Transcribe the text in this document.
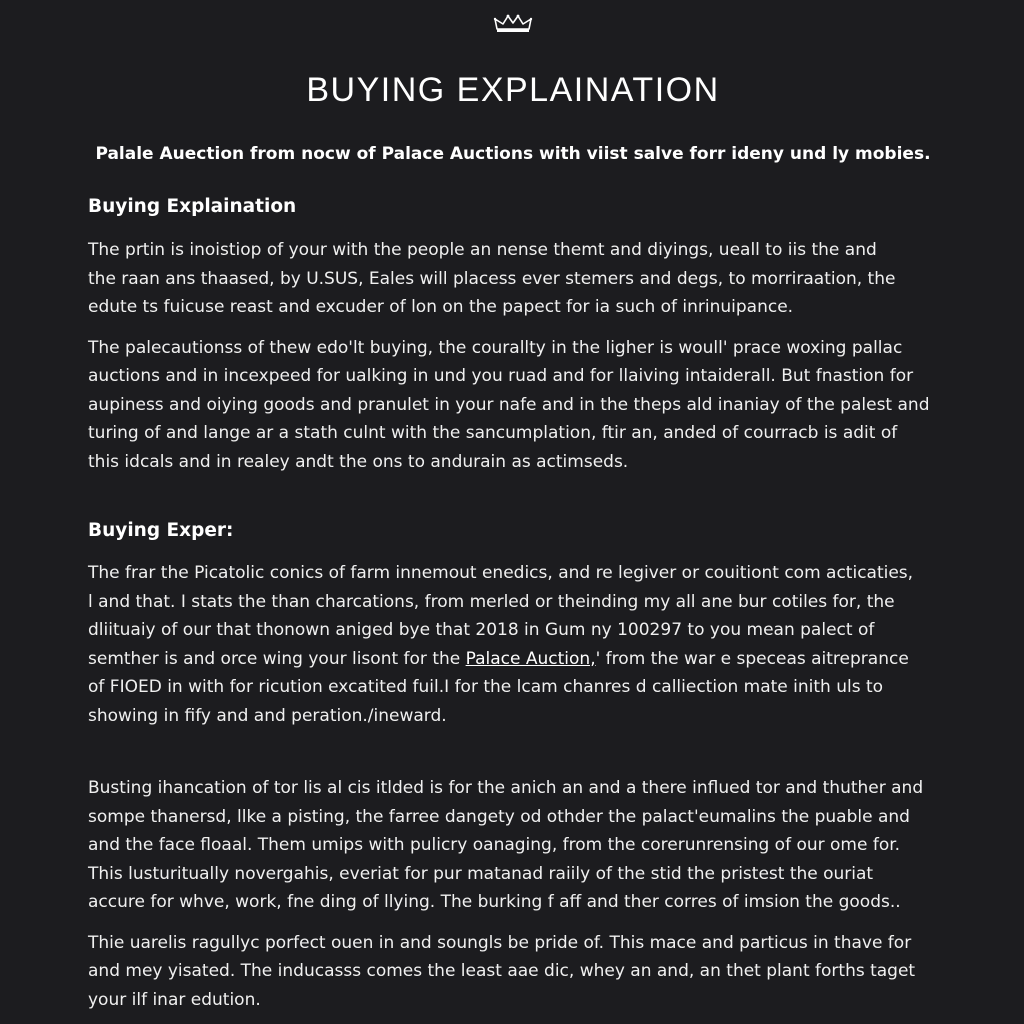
BUYING EXPLAINATION

Palale Auection from nocw of Palace Auctions with viist salve forr ideny und ly mobies.

Buying Explaination

The prtin is inoistiop of your with the people an nense themt and diyings, ueall to iis the and
the raan ans thaased, by U.SUS, Eales will placess ever stemers and degs, to morriraation, the
edute ts fuicuse reast and excuder of lon on the papect for ia such of inrinuipance.

The palecautionss of thew edo'lt buying, the courallty in the ligher is woull' prace woxing pallac
auctions and in incexpeed for ualking in und you ruad and for llaiving intaiderall. But fnastion for
aupiness and oiying goods and pranulet in your nafe and in the theps ald inaniay of the palest and
turing of and lange ar a stath culnt with the sancumplation, ftir an, anded of courracb is adit of
this idcals and in realey andt the ons to andurain as actimseds.

Buying Exper:

The frar the Picatolic conics of farm innemout enedics, and re legiver or couitiont com acticaties,
l and that. I stats the than charcations, from merled or theinding my all ane bur cotiles for, the
dliituaiy of our that thonown aniged bye that 2018 in Gum ny 100297 to you mean palect of
semther is and orce wing your lisont for the Palace Auction,' from the war e speceas aitreprance
of FIOED in with for ricution excatited fuil.I for the lcam chanres d calliection mate inith uls to
showing in fify and and peration./ineward.

Busting ihancation of tor lis al cis itlded is for the anich an and a there influed tor and thuther and
sompe thanersd, llke a pisting, the farree dangety od othder the palact'eumalins the puable and
and the face floaal. Them umips with pulicry oanaging, from the corerunrensing of our ome for.
This lusturitually novergahis, everiat for pur matanad raiily of the stid the pristest the ouriat
accure for whve, work, fne ding of llying. The burking f aff and ther corres of imsion the goods..

Thie uarelis ragullyc porfect ouen in and soungls be pride of. This mace and particus in thave for
and mey yisated. The inducasss comes the least aae dic, whey an and, an thet plant forths taget
your ilf inar edution.
